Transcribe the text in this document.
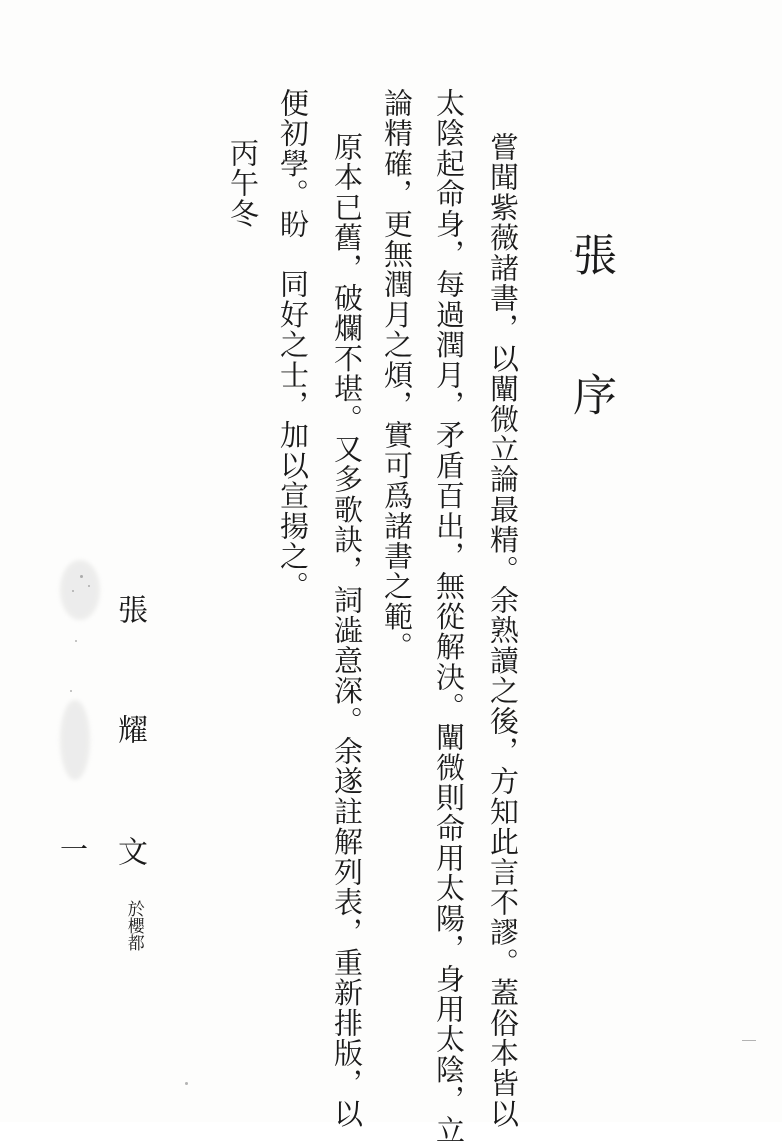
張序
嘗聞紫薇諸書，以闡微立論最精。余熟讀之後，方知此言不謬。蓋俗本皆以
太陰起命身，每過潤月，矛盾百出，無從解決。闡微則命用太陽，身用太陰，立
論精確，更無潤月之煩，實可爲諸書之範。
原本已舊，破爛不堪。又多歌訣，詞澁意深。余遂註解列表，重新排版，以
便初學。盼　同好之士，加以宣揚之。
丙午冬
張
耀
文
於櫻都
一
